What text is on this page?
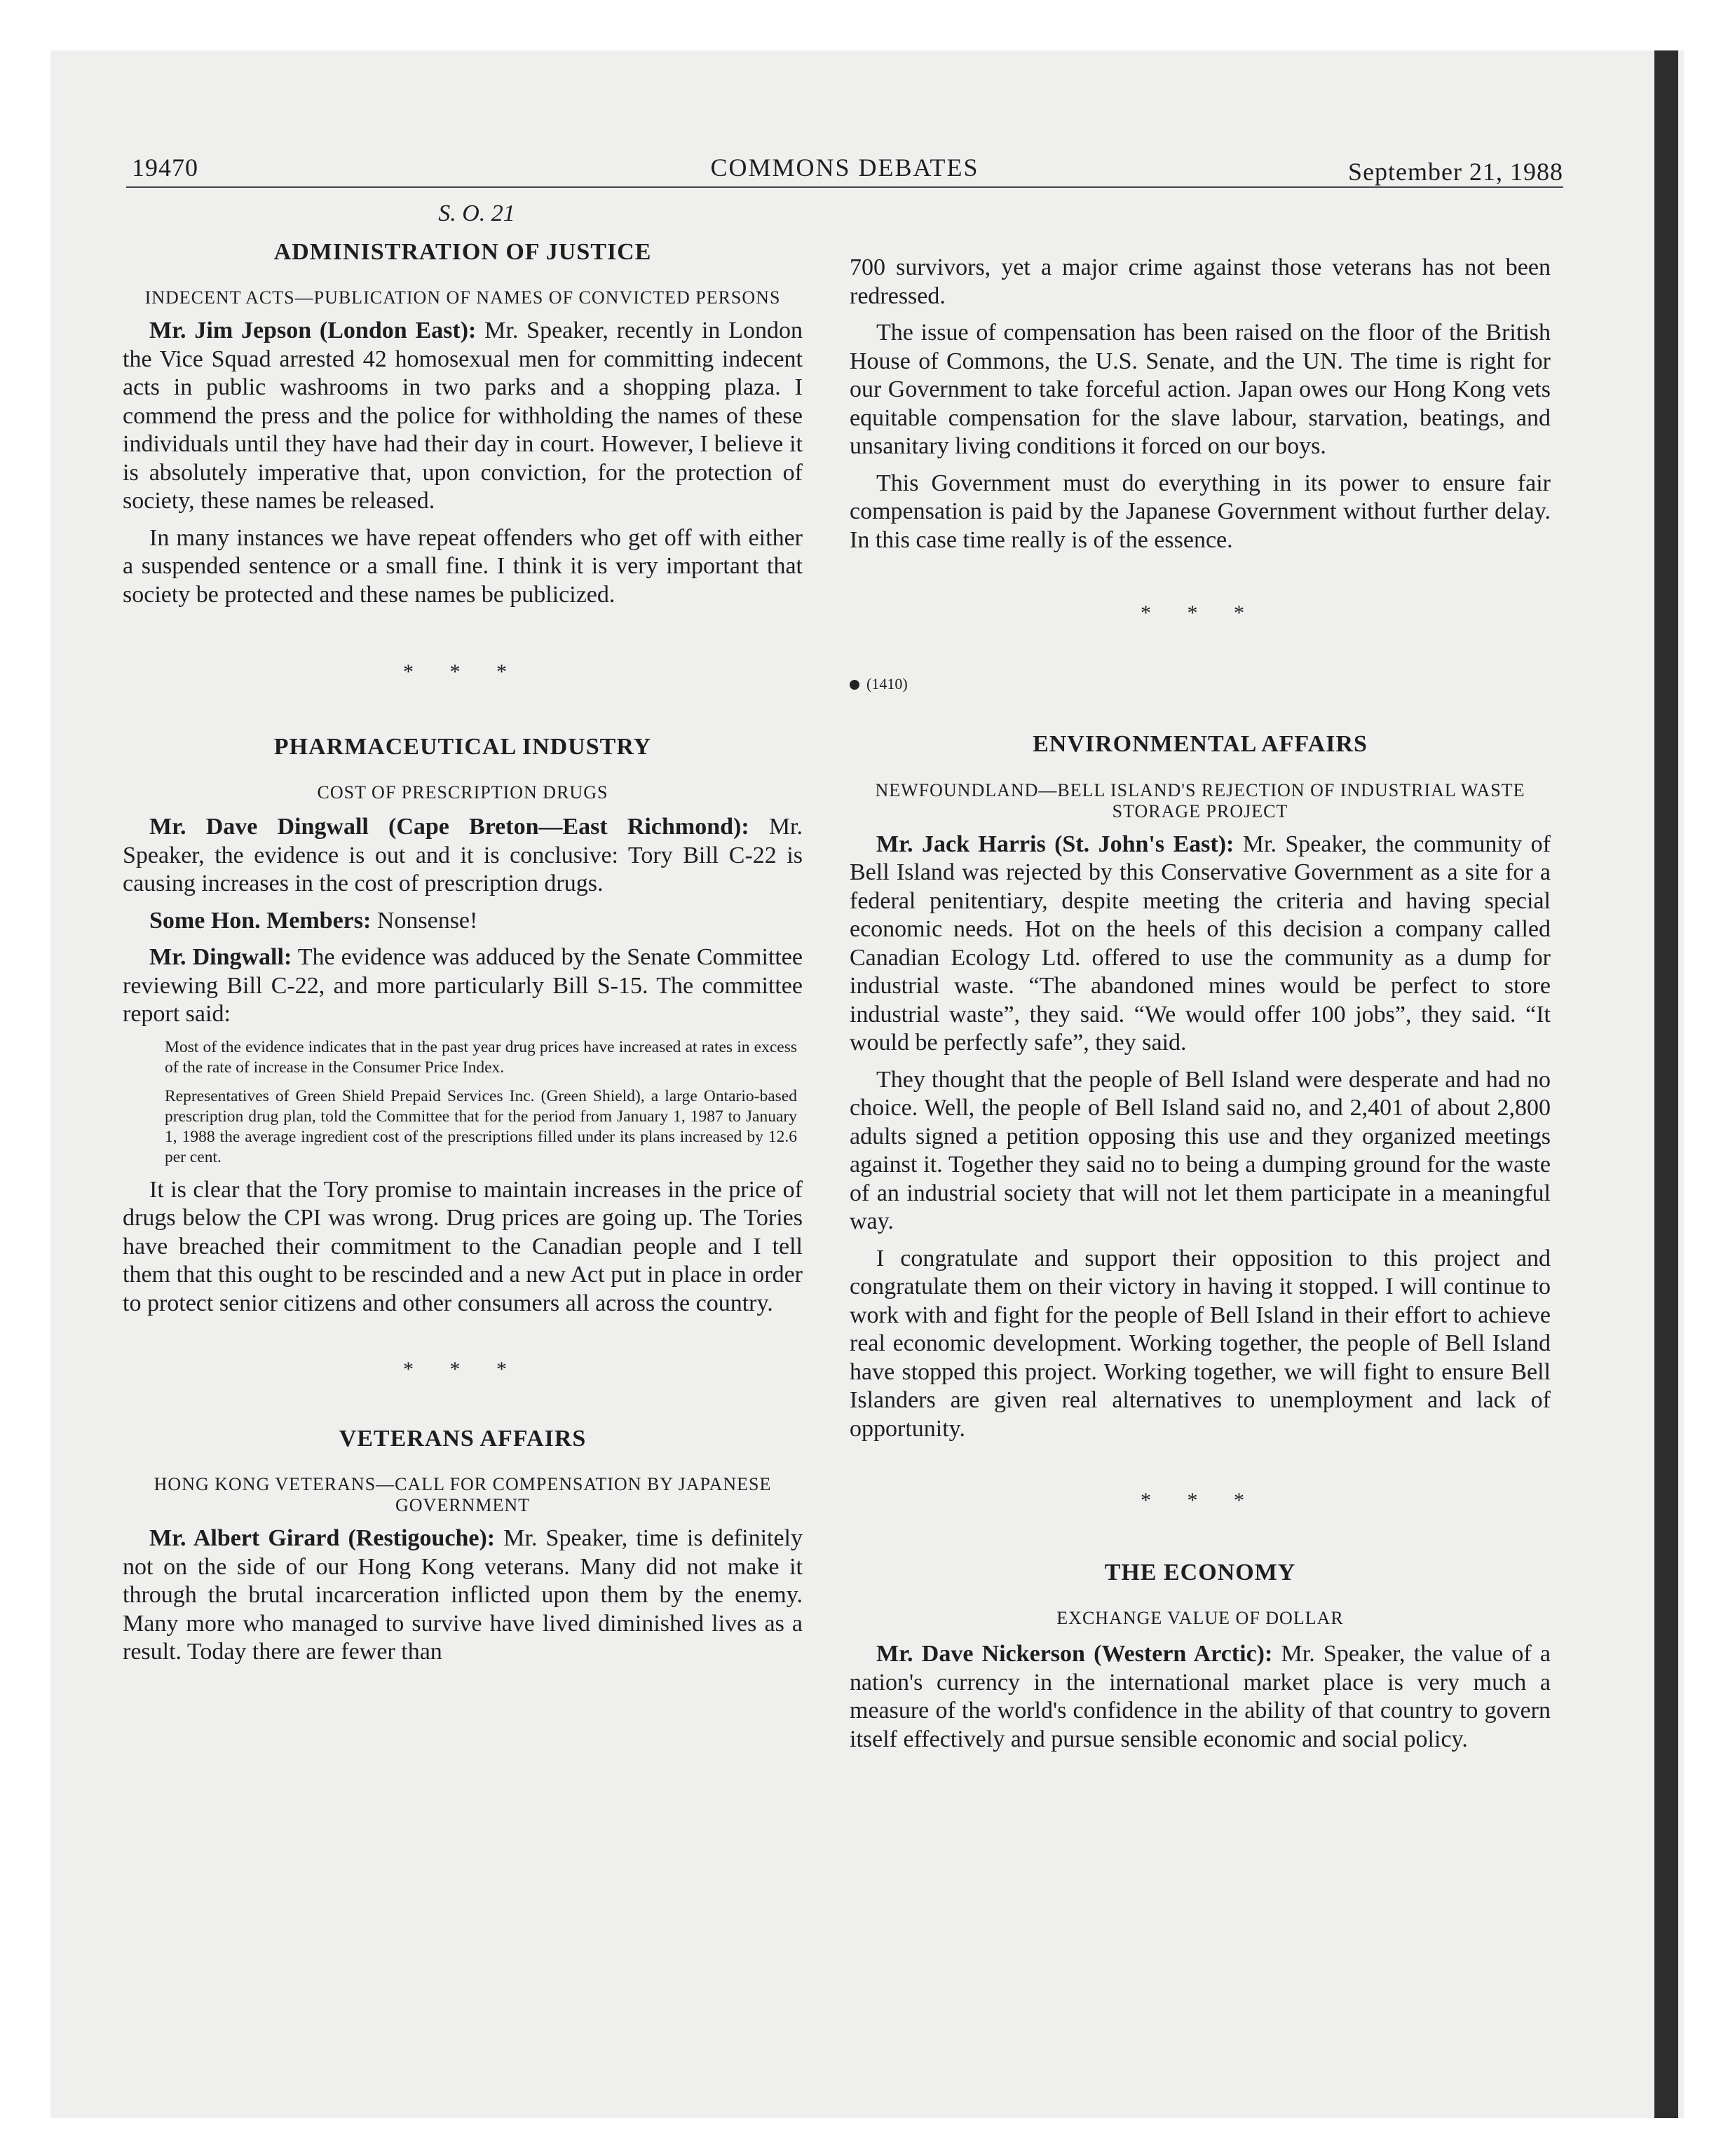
19470	COMMONS DEBATES	September 21, 1988
S. O. 21
ADMINISTRATION OF JUSTICE
INDECENT ACTS—PUBLICATION OF NAMES OF CONVICTED PERSONS

Mr. Jim Jepson (London East): Mr. Speaker, recently in London the Vice Squad arrested 42 homosexual men for committing indecent acts in public washrooms in two parks and a shopping plaza. I commend the press and the police for withholding the names of these individuals until they have had their day in court. However, I believe it is absolutely imperative that, upon conviction, for the protection of society, these names be released.

In many instances we have repeat offenders who get off with either a suspended sentence or a small fine. I think it is very important that society be protected and these names be publicized.

* * *

PHARMACEUTICAL INDUSTRY
COST OF PRESCRIPTION DRUGS

Mr. Dave Dingwall (Cape Breton—East Richmond): Mr. Speaker, the evidence is out and it is conclusive: Tory Bill C-22 is causing increases in the cost of prescription drugs.

Some Hon. Members: Nonsense!

Mr. Dingwall: The evidence was adduced by the Senate Committee reviewing Bill C-22, and more particularly Bill S-15. The committee report said:

Most of the evidence indicates that in the past year drug prices have increased at rates in excess of the rate of increase in the Consumer Price Index.

Representatives of Green Shield Prepaid Services Inc. (Green Shield), a large Ontario-based prescription drug plan, told the Committee that for the period from January 1, 1987 to January 1, 1988 the average ingredient cost of the prescriptions filled under its plans increased by 12.6 per cent.

It is clear that the Tory promise to maintain increases in the price of drugs below the CPI was wrong. Drug prices are going up. The Tories have breached their commitment to the Canadian people and I tell them that this ought to be rescinded and a new Act put in place in order to protect senior citizens and other consumers all across the country.

* * *

VETERANS AFFAIRS
HONG KONG VETERANS—CALL FOR COMPENSATION BY JAPANESE GOVERNMENT

Mr. Albert Girard (Restigouche): Mr. Speaker, time is definitely not on the side of our Hong Kong veterans. Many did not make it through the brutal incarceration inflicted upon them by the enemy. Many more who managed to survive have lived diminished lives as a result. Today there are fewer than

700 survivors, yet a major crime against those veterans has not been redressed.

The issue of compensation has been raised on the floor of the British House of Commons, the U.S. Senate, and the UN. The time is right for our Government to take forceful action. Japan owes our Hong Kong vets equitable compensation for the slave labour, starvation, beatings, and unsanitary living conditions it forced on our boys.

This Government must do everything in its power to ensure fair compensation is paid by the Japanese Government without further delay. In this case time really is of the essence.

* * *

(1410)

ENVIRONMENTAL AFFAIRS
NEWFOUNDLAND—BELL ISLAND'S REJECTION OF INDUSTRIAL WASTE STORAGE PROJECT

Mr. Jack Harris (St. John's East): Mr. Speaker, the community of Bell Island was rejected by this Conservative Government as a site for a federal penitentiary, despite meeting the criteria and having special economic needs. Hot on the heels of this decision a company called Canadian Ecology Ltd. offered to use the community as a dump for industrial waste. “The abandoned mines would be perfect to store industrial waste”, they said. “We would offer 100 jobs”, they said. “It would be perfectly safe”, they said.

They thought that the people of Bell Island were desperate and had no choice. Well, the people of Bell Island said no, and 2,401 of about 2,800 adults signed a petition opposing this use and they organized meetings against it. Together they said no to being a dumping ground for the waste of an industrial society that will not let them participate in a meaningful way.

I congratulate and support their opposition to this project and congratulate them on their victory in having it stopped. I will continue to work with and fight for the people of Bell Island in their effort to achieve real economic development. Working together, the people of Bell Island have stopped this project. Working together, we will fight to ensure Bell Islanders are given real alternatives to unemployment and lack of opportunity.

* * *

THE ECONOMY
EXCHANGE VALUE OF DOLLAR

Mr. Dave Nickerson (Western Arctic): Mr. Speaker, the value of a nation's currency in the international market place is very much a measure of the world's confidence in the ability of that country to govern itself effectively and pursue sensible economic and social policy.
